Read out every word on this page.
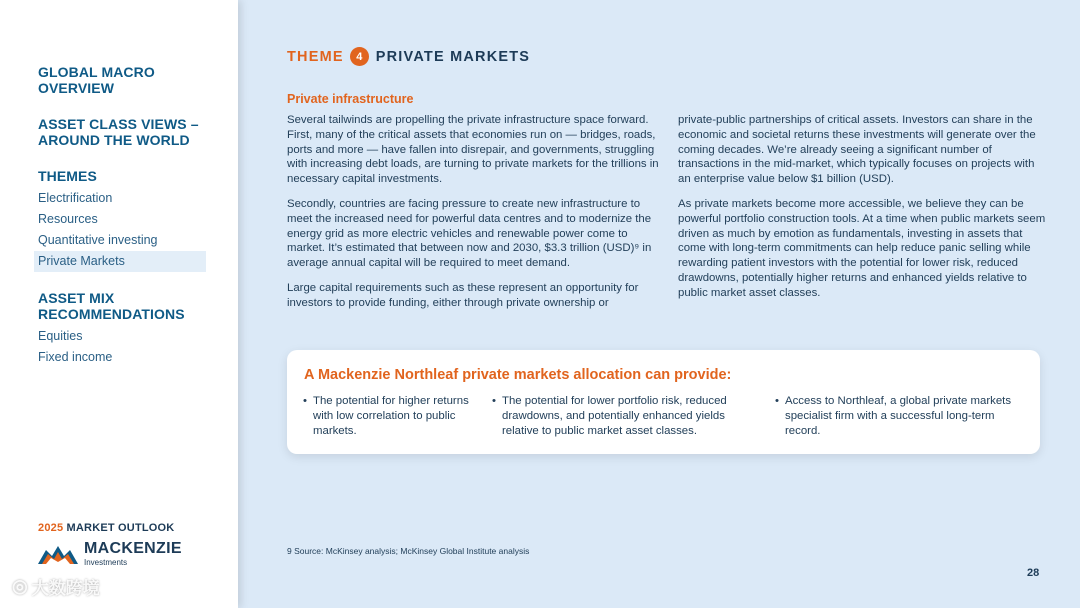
GLOBAL MACRO OVERVIEW
ASSET CLASS VIEWS – AROUND THE WORLD
THEMES
Electrification
Resources
Quantitative investing
Private Markets
ASSET MIX RECOMMENDATIONS
Equities
Fixed income
2025 MARKET OUTLOOK
MACKENZIE
Investments
◎ 大数跨境
THEME	4 PRIVATE MARKETS
Private infrastructure

Several tailwinds are propelling the private infrastructure space forward. First, many of the critical assets that economies run on — bridges, roads, ports and more — have fallen into disrepair, and governments, struggling with increasing debt loads, are turning to private markets for the trillions in necessary capital investments.

Secondly, countries are facing pressure to create new infrastructure to meet the increased need for powerful data centres and to modernize the energy grid as more electric vehicles and renewable power come to market. It’s estimated that between now and 2030, $3.3 trillion (USD)⁹ in average annual capital will be required to meet demand.

Large capital requirements such as these represent an opportunity for investors to provide funding, either through private ownership or

private-public partnerships of critical assets. Investors can share in the economic and societal returns these investments will generate over the coming decades. We’re already seeing a significant number of transactions in the mid-market, which typically focuses on projects with an enterprise value below $1 billion (USD).

As private markets become more accessible, we believe they can be powerful portfolio construction tools. At a time when public markets seem driven as much by emotion as fundamentals, investing in assets that come with long-term commitments can help reduce panic selling while rewarding patient investors with the potential for lower risk, reduced drawdowns, potentially higher returns and enhanced yields relative to public market asset classes.

A Mackenzie Northleaf private markets allocation can provide:
• The potential for higher returns with low correlation to public markets.
• The potential for lower portfolio risk, reduced drawdowns, and potentially enhanced yields relative to public market asset classes.
• Access to Northleaf, a global private markets specialist firm with a successful long-term record.
9 Source: McKinsey analysis; McKinsey Global Institute analysis
28
